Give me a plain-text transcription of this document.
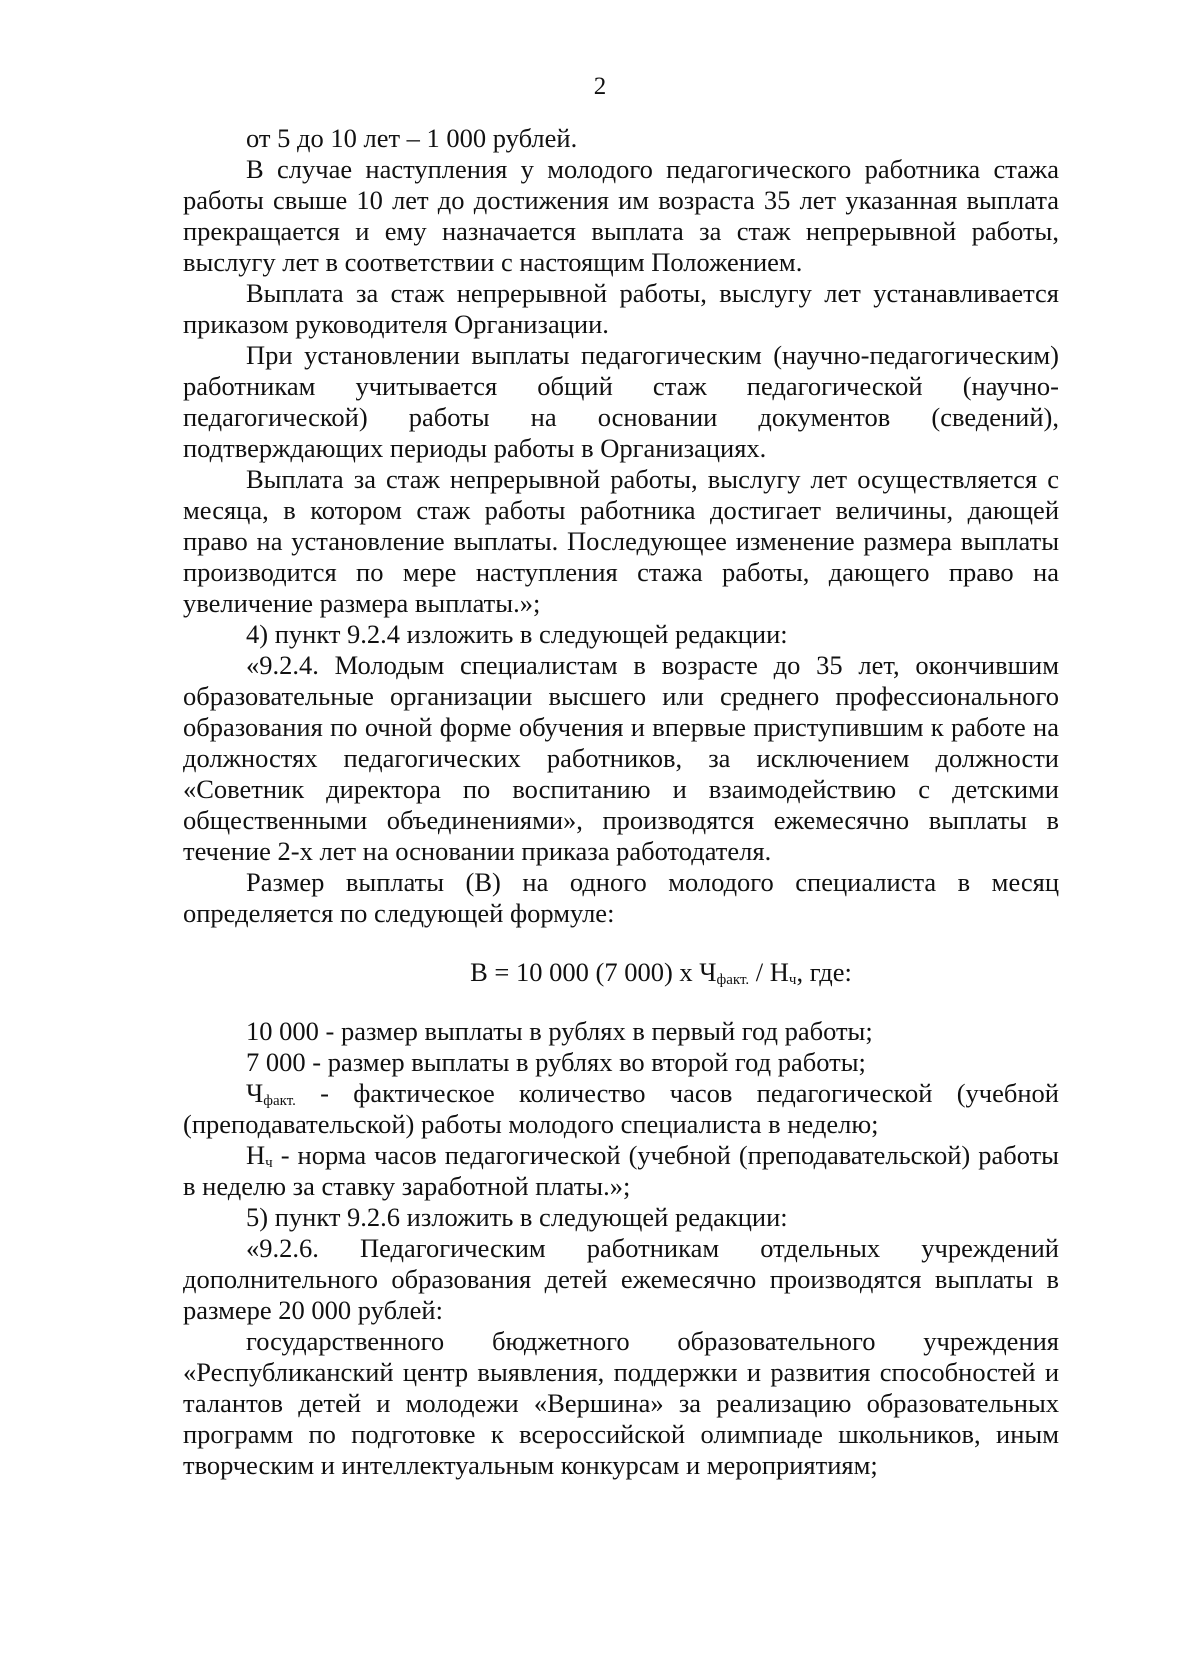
2

от 5 до 10 лет – 1 000 рублей.

В случае наступления у молодого педагогического работника стажа работы свыше 10 лет до достижения им возраста 35 лет указанная выплата прекращается и ему назначается выплата за стаж непрерывной работы, выслугу лет в соответствии с настоящим Положением.

Выплата за стаж непрерывной работы, выслугу лет устанавливается приказом руководителя Организации.

При установлении выплаты педагогическим (научно-педагогическим) работникам учитывается общий стаж педагогической (научно-педагогической) работы на основании документов (сведений), подтверждающих периоды работы в Организациях.

Выплата за стаж непрерывной работы, выслугу лет осуществляется с месяца, в котором стаж работы работника достигает величины, дающей право на установление выплаты. Последующее изменение размера выплаты производится по мере наступления стажа работы, дающего право на увеличение размера выплаты.»;

4) пункт 9.2.4 изложить в следующей редакции:

«9.2.4. Молодым специалистам в возрасте до 35 лет, окончившим образовательные организации высшего или среднего профессионального образования по очной форме обучения и впервые приступившим к работе на должностях педагогических работников, за исключением должности «Советник директора по воспитанию и взаимодействию с детскими общественными объединениями», производятся ежемесячно выплаты в течение 2-х лет на основании приказа работодателя.

Размер выплаты (В) на одного молодого специалиста в месяц определяется по следующей формуле:

В = 10 000 (7 000) х $Ч_{факт.} / Н_ч$, где:

10 000 - размер выплаты в рублях в первый год работы;

7 000 - размер выплаты в рублях во второй год работы;

$Ч_{факт.}$ - фактическое количество часов педагогической (учебной (преподавательской) работы молодого специалиста в неделю;

$Н_ч$ - норма часов педагогической (учебной (преподавательской) работы в неделю за ставку заработной платы.»;

5) пункт 9.2.6 изложить в следующей редакции:

«9.2.6. Педагогическим работникам отдельных учреждений дополнительного образования детей ежемесячно производятся выплаты в размере 20 000 рублей:

государственного бюджетного образовательного учреждения «Республиканский центр выявления, поддержки и развития способностей и талантов детей и молодежи «Вершина» за реализацию образовательных программ по подготовке к всероссийской олимпиаде школьников, иным творческим и интеллектуальным конкурсам и мероприятиям;
